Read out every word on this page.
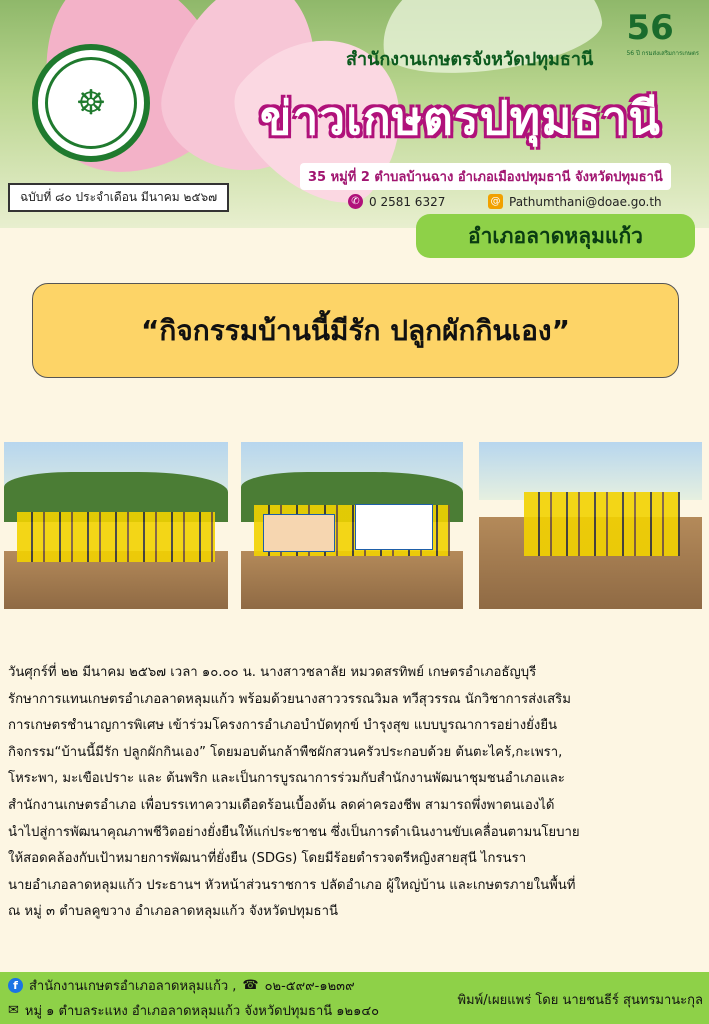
☸
56
56 ปี กรมส่งเสริมการเกษตร
สำนักงานเกษตรจังหวัดปทุมธานี
ข่าวเกษตรปทุมธานี
35 หมู่ที่ 2 ตำบลบ้านฉาง อำเภอเมืองปทุมธานี จังหวัดปทุมธานี
ฉบับที่ ๘๐ ประจำเดือน มีนาคม ๒๕๖๗	✆ 0 2581 6327	@ Pathumthani@doae.go.th
อำเภอลาดหลุมแก้ว
“กิจกรรมบ้านนี้มีรัก ปลูกผักกินเอง”
วันศุกร์ที่ ๒๒ มีนาคม ๒๕๖๗ เวลา ๑๐.๐๐ น. นางสาวชลาลัย หมวดสรทิพย์ เกษตรอำเภอธัญบุรี
รักษาการแทนเกษตรอำเภอลาดหลุมแก้ว พร้อมด้วยนางสาววรรณวิมล ทวีสุวรรณ นักวิชาการส่งเสริม
การเกษตรชำนาญการพิเศษ เข้าร่วมโครงการอำเภอบำบัดทุกข์ บำรุงสุข แบบบูรณาการอย่างยั่งยืน
กิจกรรม“บ้านนี้มีรัก ปลูกผักกินเอง” โดยมอบต้นกล้าพืชผักสวนครัวประกอบด้วย ต้นตะไคร้,กะเพรา,
โหระพา, มะเขือเปราะ และ ต้นพริก และเป็นการบูรณาการร่วมกับสำนักงานพัฒนาชุมชนอำเภอและ
สำนักงานเกษตรอำเภอ เพื่อบรรเทาความเดือดร้อนเบื้องต้น ลดค่าครองชีพ สามารถพึ่งพาตนเองได้
นำไปสู่การพัฒนาคุณภาพชีวิตอย่างยั่งยืนให้แก่ประชาชน ซึ่งเป็นการดำเนินงานขับเคลื่อนตามนโยบาย
ให้สอดคล้องกับเป้าหมายการพัฒนาที่ยั่งยืน (SDGs) โดยมีร้อยตำรวจตรีหญิงสายสุนี ไกรนรา
นายอำเภอลาดหลุมแก้ว ประธานฯ หัวหน้าส่วนราชการ ปลัดอำเภอ ผู้ใหญ่บ้าน และเกษตรภายในพื้นที่
ณ หมู่ ๓ ตำบลคูขวาง อำเภอลาดหลุมแก้ว จังหวัดปทุมธานี
f สำนักงานเกษตรอำเภอลาดหลุมแก้ว , ☎ ๐๒-๕๙๙-๑๒๓๙
✉ หมู่ ๑ ตำบลระแหง อำเภอลาดหลุมแก้ว จังหวัดปทุมธานี ๑๒๑๔๐
พิมพ์/เผยแพร่ โดย นายชนธีร์ สุนทรมานะกุล
